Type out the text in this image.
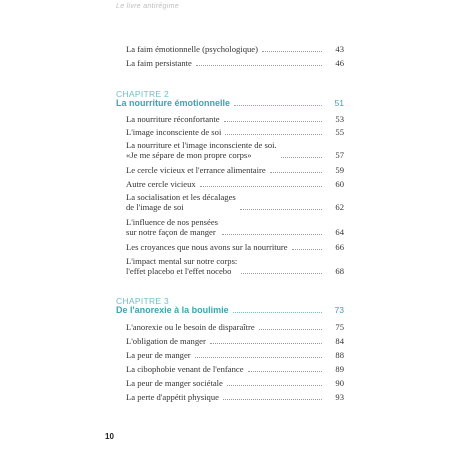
Le livre antirégime
La faim émotionnelle (psychologique)	43
La faim persistante	46
CHAPITRE 2
La nourriture émotionnelle	51
La nourriture réconfortante	53
L'image inconsciente de soi	55
La nourriture et l'image inconsciente de soi.
«Je me sépare de mon propre corps»	57
Le cercle vicieux et l'errance alimentaire	59
Autre cercle vicieux	60
La socialisation et les décalages
de l'image de soi	62
L'influence de nos pensées
sur notre façon de manger	64
Les croyances que nous avons sur la nourriture	66
L'impact mental sur notre corps:
l'effet placebo et l'effet nocebo	68
CHAPITRE 3
De l'anorexie à la boulimie	73
L'anorexie ou le besoin de disparaître	75
L'obligation de manger	84
La peur de manger	88
La cibophobie venant de l'enfance	89
La peur de manger sociétale	90
La perte d'appétit physique	93
10
